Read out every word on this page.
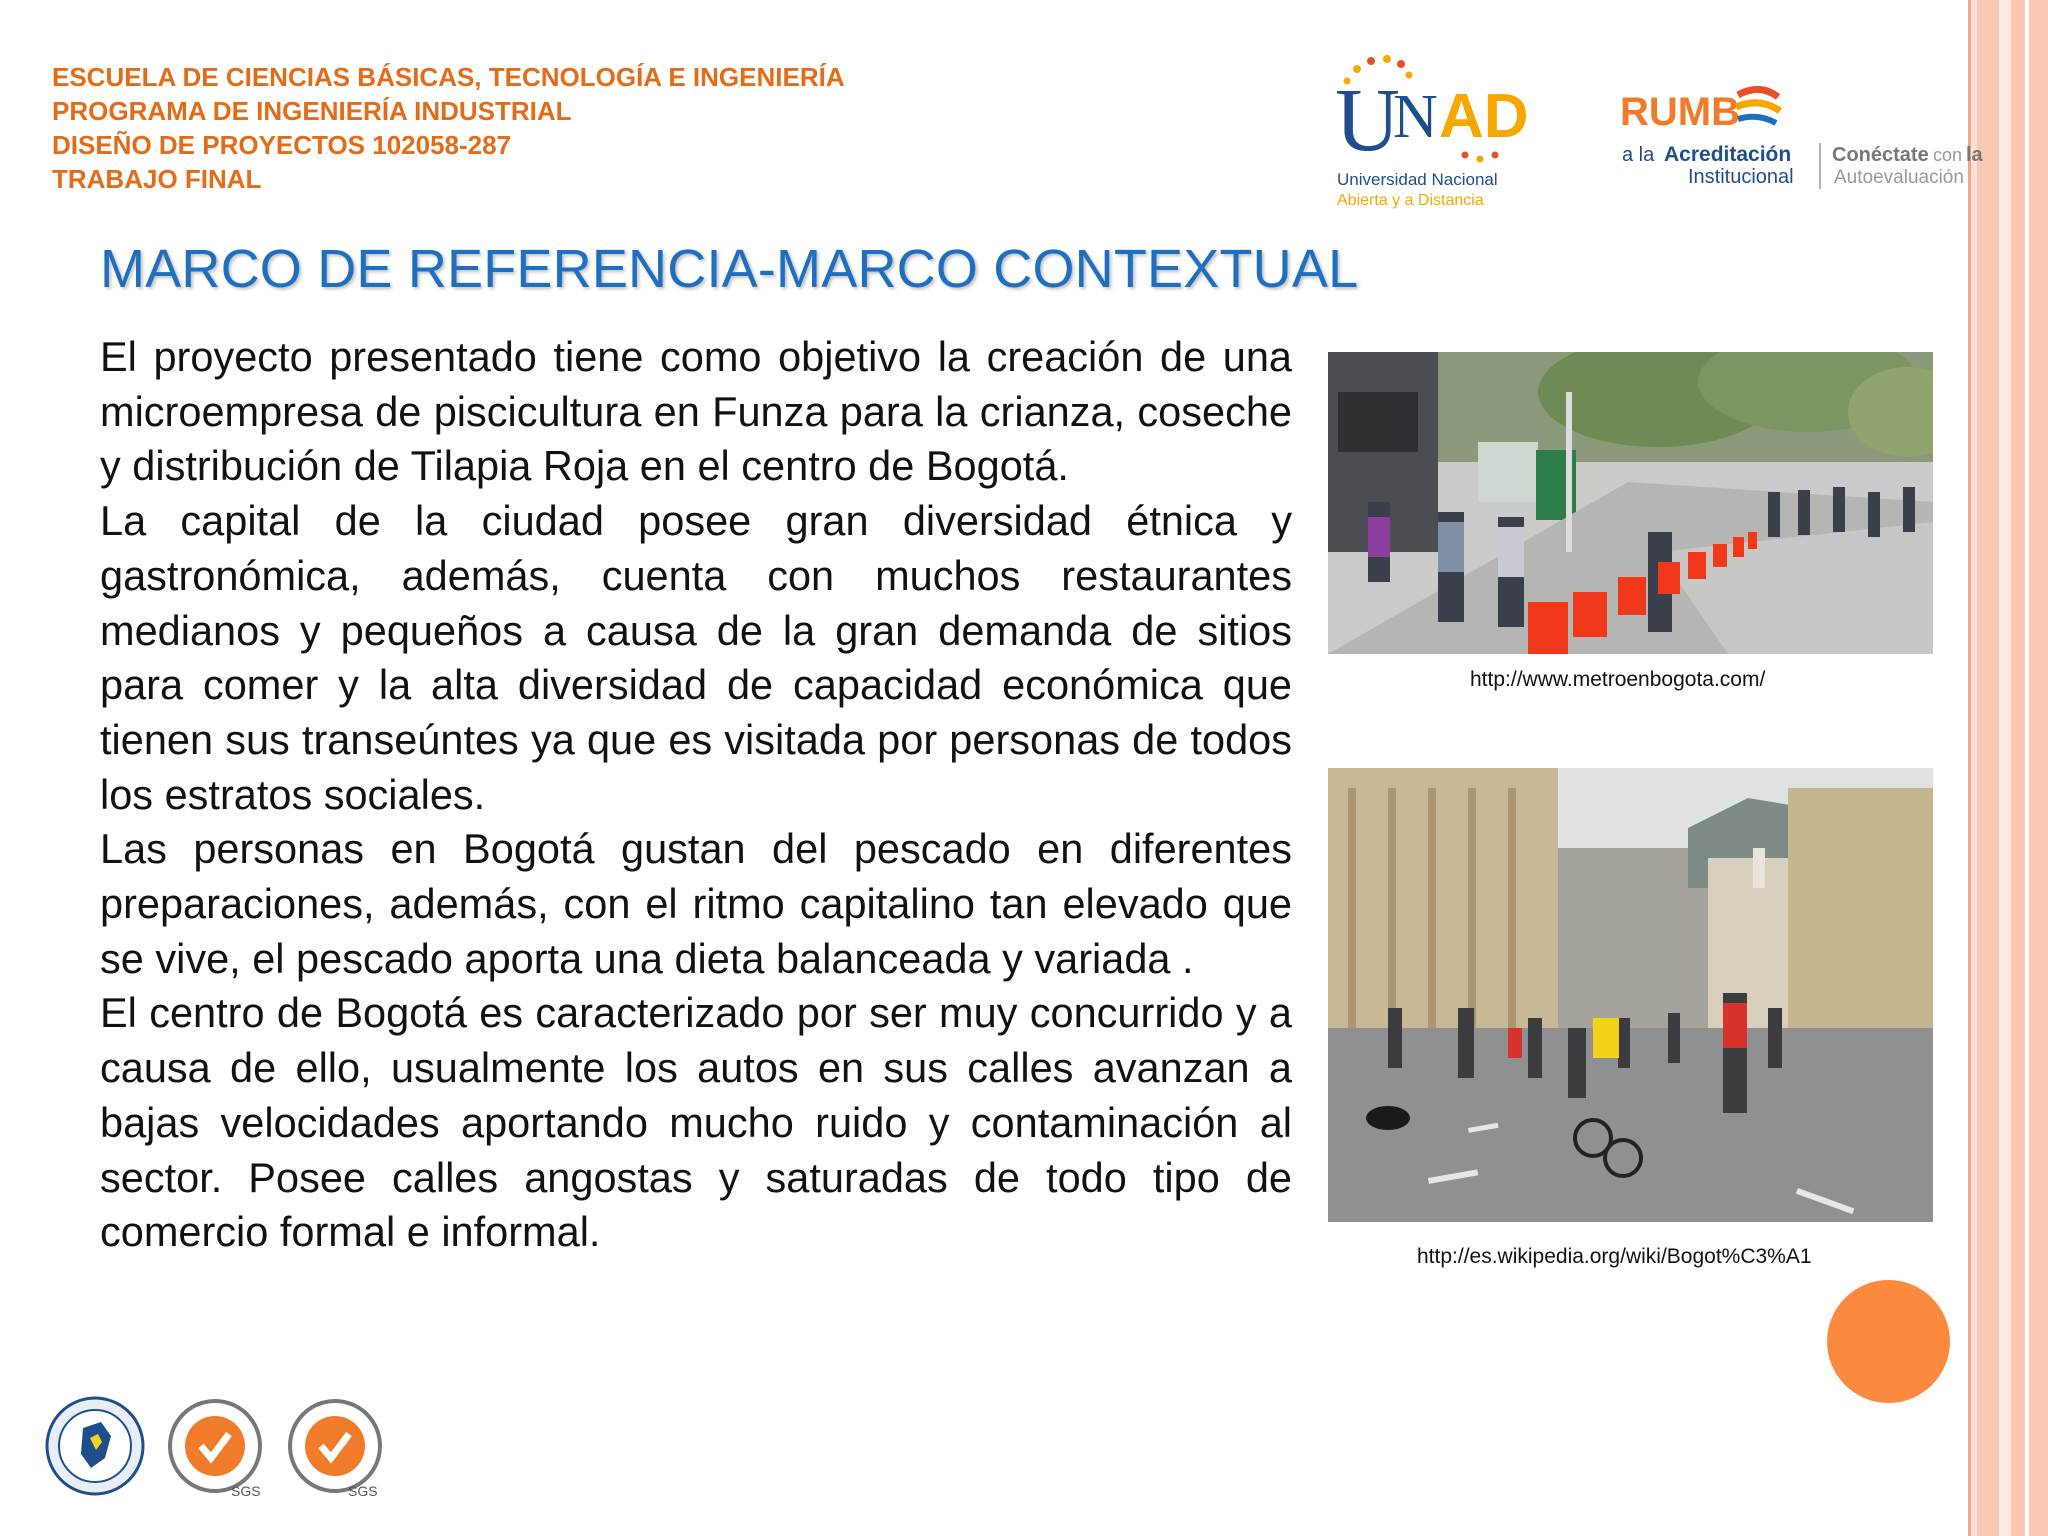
ESCUELA DE CIENCIAS BÁSICAS, TECNOLOGÍA E INGENIERÍA
PROGRAMA DE INGENIERÍA INDUSTRIAL
DISEÑO DE PROYECTOS 102058-287
TRABAJO FINAL
U
N AD
Universidad Nacional
Abierta y a Distancia
RUMB
a la Acreditación
Institucional
Conéctate con la
Autoevaluación
MARCO DE REFERENCIA-MARCO CONTEXTUAL

El proyecto presentado tiene como objetivo la creación de una microempresa de piscicultura en Funza para la crianza, coseche y distribución de Tilapia Roja en el centro de Bogotá.

La capital de la ciudad posee gran diversidad étnica y gastronómica, además, cuenta con muchos restaurantes medianos y pequeños a causa de la gran demanda de sitios para comer y la alta diversidad de capacidad económica que tienen sus transeúntes ya que es visitada por personas de todos los estratos sociales.

Las personas en Bogotá gustan del pescado en diferentes preparaciones, además, con el ritmo capitalino tan elevado que se vive, el pescado aporta una dieta balanceada y variada .

El centro de Bogotá es caracterizado por ser muy concurrido y a causa de ello, usualmente los autos en sus calles avanzan a bajas velocidades aportando mucho ruido y contaminación al sector. Posee calles angostas y saturadas de todo tipo de comercio formal e informal.

http://www.metroenbogota.com/
http://es.wikipedia.org/wiki/Bogot%C3%A1
SGS	SGS
